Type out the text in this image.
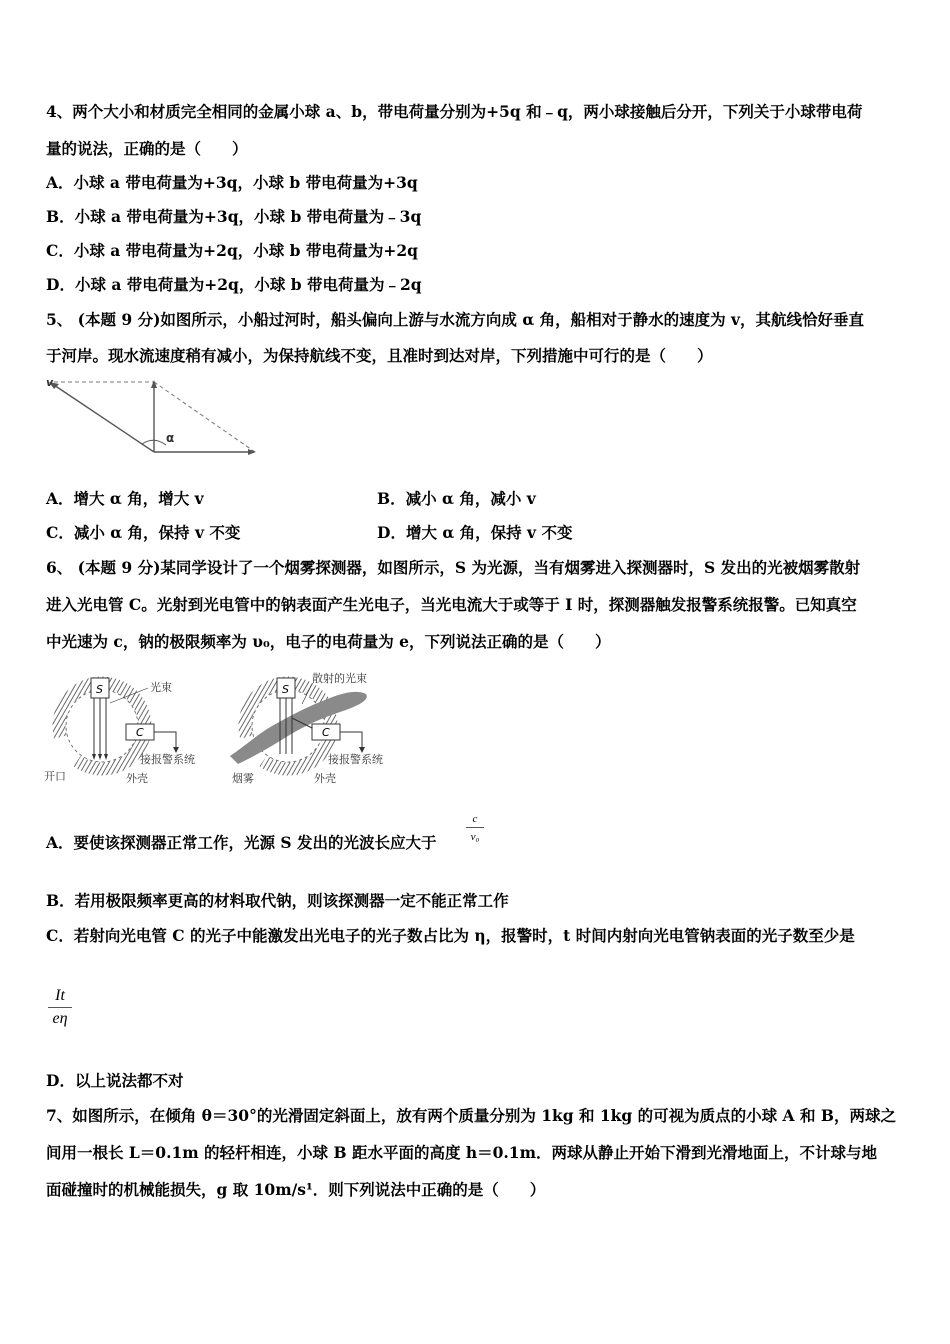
4、两个大小和材质完全相同的金属小球 a、b，带电荷量分别为+5q 和﹣q，两小球接触后分开，下列关于小球带电荷
量的说法，正确的是（　　）
A．小球 a 带电荷量为+3q，小球 b 带电荷量为+3q
B．小球 a 带电荷量为+3q，小球 b 带电荷量为﹣3q
C．小球 a 带电荷量为+2q，小球 b 带电荷量为+2q
D．小球 a 带电荷量为+2q，小球 b 带电荷量为﹣2q
5、 (本题 9 分)如图所示，小船过河时，船头偏向上游与水流方向成 α 角，船相对于静水的速度为 v，其航线恰好垂直
于河岸。现水流速度稍有减小，为保持航线不变，且准时到达对岸，下列措施中可行的是（　　）
v
α
A．增大 α 角，增大 v	B．减小 α 角，减小 v
C．减小 α 角，保持 v 不变	D．增大 α 角，保持 v 不变
6、 (本题 9 分)某同学设计了一个烟雾探测器，如图所示，S 为光源，当有烟雾进入探测器时，S 发出的光被烟雾散射
进入光电管 C。光射到光电管中的钠表面产生光电子，当光电流大于或等于 I 时，探测器触发报警系统报警。已知真空
中光速为 c，钠的极限频率为 υ₀，电子的电荷量为 e，下列说法正确的是（　　）
S
C
光束
接报警系统
开口	外壳
S
C
散射的光束
接报警系统
烟雾	外壳
A．要使该探测器正常工作，光源 S 发出的光波长应大于
c
v₀
B．若用极限频率更高的材料取代钠，则该探测器一定不能正常工作
C．若射向光电管 C 的光子中能激发出光电子的光子数占比为 η，报警时，t 时间内射向光电管钠表面的光子数至少是
It
eη
D．以上说法都不对
7、如图所示，在倾角 θ＝30°的光滑固定斜面上，放有两个质量分别为 1kg 和 1kg 的可视为质点的小球 A 和 B，两球之
间用一根长 L＝0.1m 的轻杆相连，小球 B 距水平面的高度 h＝0.1m．两球从静止开始下滑到光滑地面上，不计球与地
面碰撞时的机械能损失，g 取 10m/s¹．则下列说法中正确的是（　　）
